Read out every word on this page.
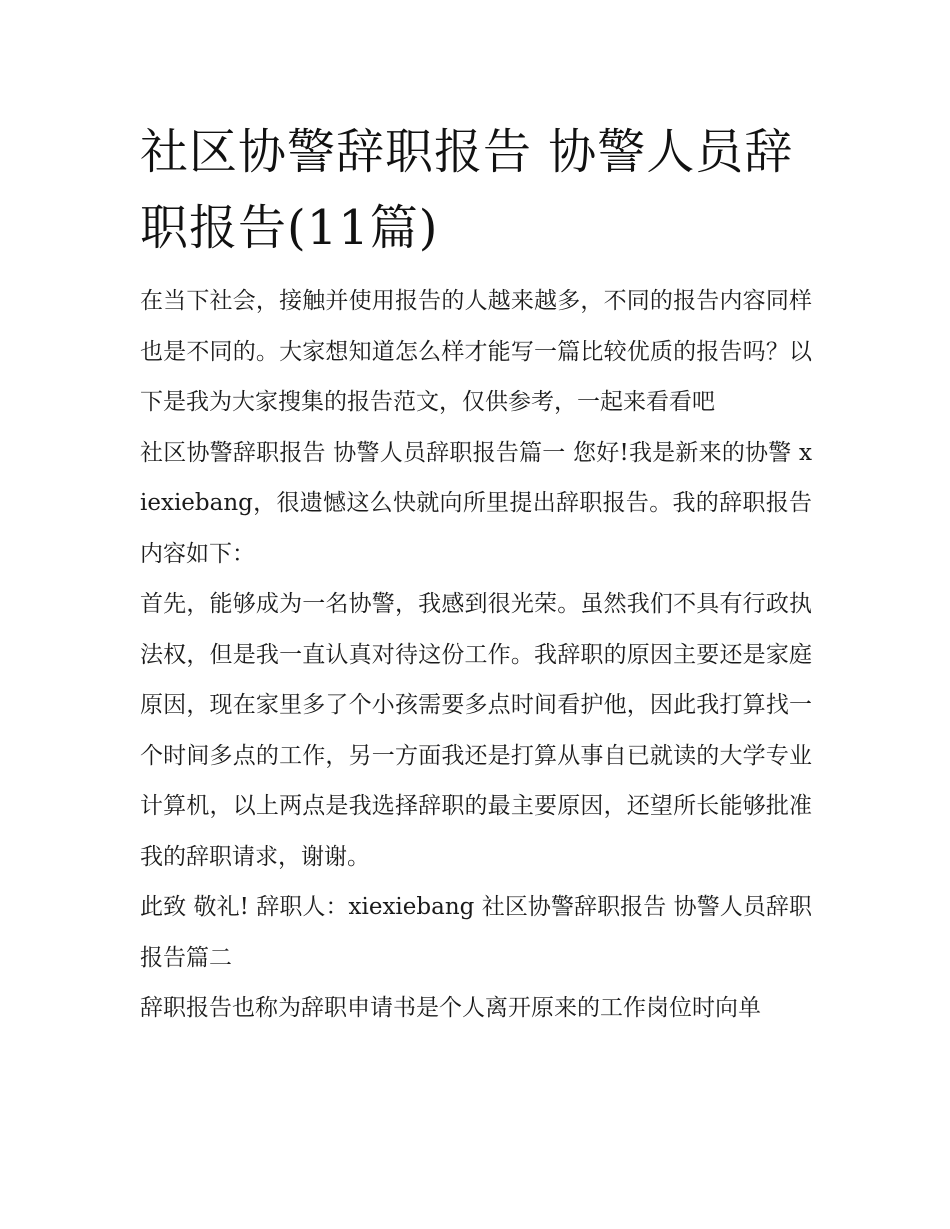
社区协警辞职报告 协警人员辞职报告(11篇)

在当下社会，接触并使用报告的人越来越多，不同的报告内容同样也是不同的。大家想知道怎么样才能写一篇比较优质的报告吗？以下是我为大家搜集的报告范文，仅供参考，一起来看看吧

社区协警辞职报告 协警人员辞职报告篇一 您好!我是新来的协警 xiexiebang，很遗憾这么快就向所里提出辞职报告。我的辞职报告内容如下：

首先，能够成为一名协警，我感到很光荣。虽然我们不具有行政执法权，但是我一直认真对待这份工作。我辞职的原因主要还是家庭原因，现在家里多了个小孩需要多点时间看护他，因此我打算找一个时间多点的工作，另一方面我还是打算从事自已就读的大学专业计算机，以上两点是我选择辞职的最主要原因，还望所长能够批准我的辞职请求，谢谢。

此致 敬礼! 辞职人：xiexiebang 社区协警辞职报告 协警人员辞职报告篇二

辞职报告也称为辞职申请书是个人离开原来的工作岗位时向单
